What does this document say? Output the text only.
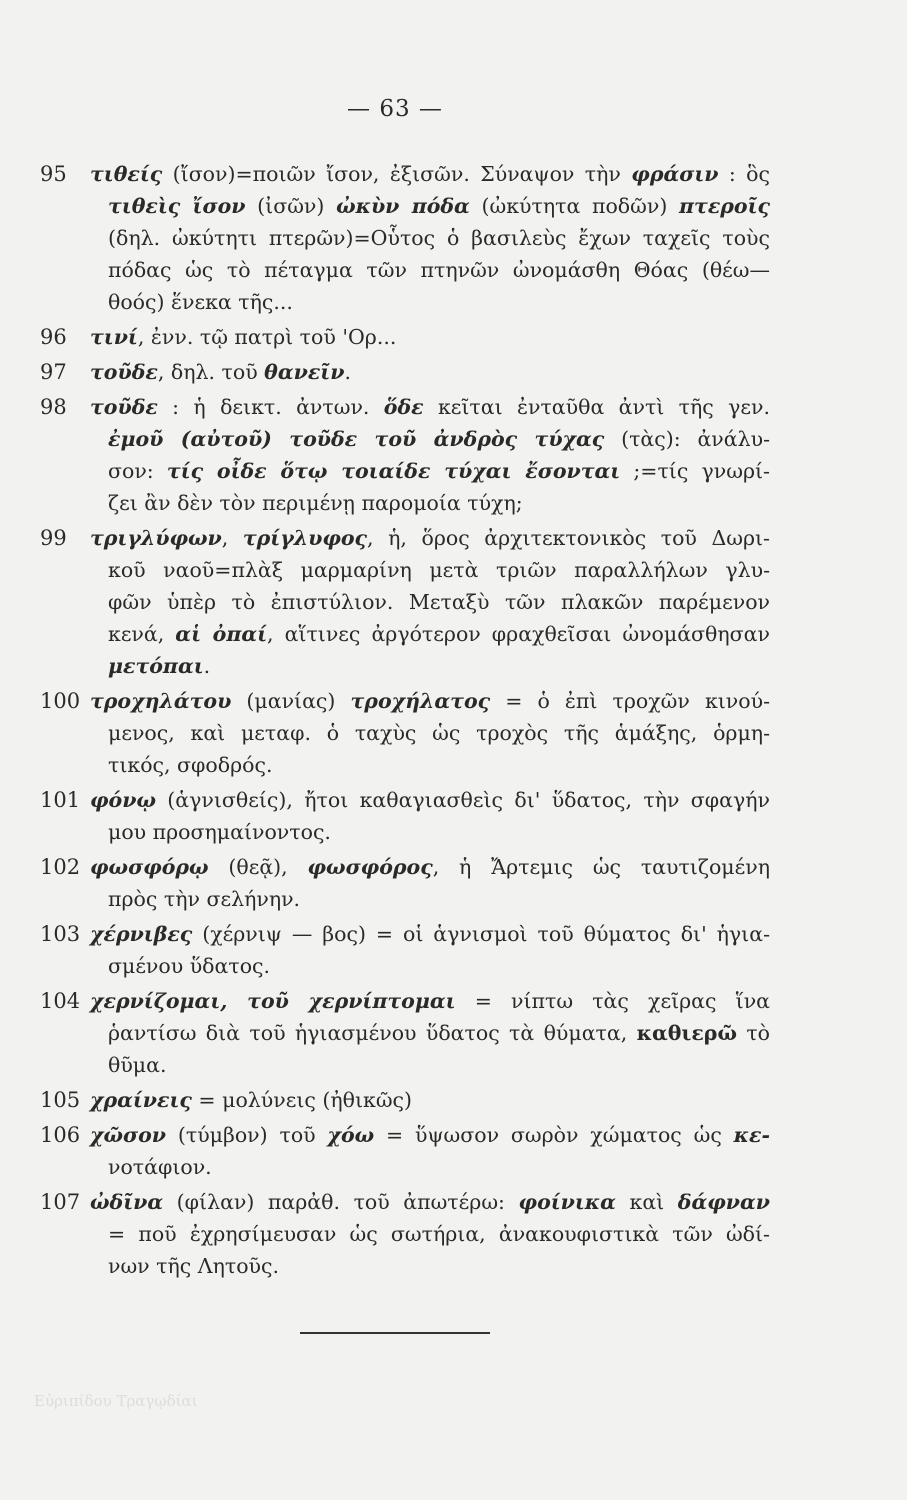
— 63 —
95	τιθείς (ἴσον)=ποιῶν ἴσον, ἐξισῶν. Σύναψον τὴν φράσιν : ὃς
τιθεὶς ἴσον (ἰσῶν) ὠκὺν πόδα (ὠκύτητα ποδῶν) πτεροῖς
(δηλ. ὠκύτητι πτερῶν)=Οὗτος ὁ βασιλεὺς ἔχων ταχεῖς τοὺς
πόδας ὡς τὸ πέταγμα τῶν πτηνῶν ὠνομάσθη Θόας (θέω—
θοός) ἕνεκα τῆς...
96	τινί, ἐνν. τῷ πατρὶ τοῦ 'Ορ...
97	τοῦδε, δηλ. τοῦ θανεῖν.
98	τοῦδε : ἡ δεικτ. ἀντων. ὅδε κεῖται ἐνταῦθα ἀντὶ τῆς γεν.
ἐμοῦ (αὐτοῦ) τοῦδε τοῦ ἀνδρὸς τύχας (τὰς): ἀνάλυ-
σον: τίς οἶδε ὅτῳ τοιαίδε τύχαι ἔσονται ;=τίς γνωρί-
ζει ἂν δὲν τὸν περιμένῃ παρομοία τύχη;
99	τριγλύφων, τρίγλυφος, ἡ, ὅρος ἀρχιτεκτονικὸς τοῦ Δωρι-
κοῦ ναοῦ=πλὰξ μαρμαρίνη μετὰ τριῶν παραλλήλων γλυ-
φῶν ὑπὲρ τὸ ἐπιστύλιον. Μεταξὺ τῶν πλακῶν παρέμενον
κενά, αἱ ὀπαί, αἵτινες ἀργότερον φραχθεῖσαι ὠνομάσθησαν
μετόπαι.
100 τροχηλάτου (μανίας) τροχήλατος = ὁ ἐπὶ τροχῶν κινού-
μενος, καὶ μεταφ. ὁ ταχὺς ὡς τροχὸς τῆς ἁμάξης, ὁρμη-
τικός, σφοδρός.
101 φόνῳ (ἁγνισθείς), ἤτοι καθαγιασθεὶς δι' ὕδατος, τὴν σφαγήν
μου προσημαίνοντος.
102 φωσφόρῳ (θεᾷ), φωσφόρος, ἡ Ἄρτεμις ὡς ταυτιζομένη
πρὸς τὴν σελήνην.
103 χέρνιβες (χέρνιψ — βος) = οἱ ἁγνισμοὶ τοῦ θύματος δι' ἡγια-
σμένου ὕδατος.
104 χερνίζομαι, τοῦ χερνίπτομαι = νίπτω τὰς χεῖρας ἵνα
ῥαντίσω διὰ τοῦ ἡγιασμένου ὕδατος τὰ θύματα, καθιερῶ τὸ
θῦμα.
105 χραίνεις = μολύνεις (ἠθικῶς)
106 χῶσον (τύμβον) τοῦ χόω = ὕψωσον σωρὸν χώματος ὡς κε-
νοτάφιον.
107 ὠδῖνα (φίλαν) παρἀθ. τοῦ ἀπωτέρω: φοίνικα καὶ δάφναν
= ποῦ ἐχρησίμευσαν ὡς σωτήρια, ἀνακουφιστικὰ τῶν ὠδί-
νων τῆς Λητοῦς.
Εὐριπίδου Τραγῳδίαι
